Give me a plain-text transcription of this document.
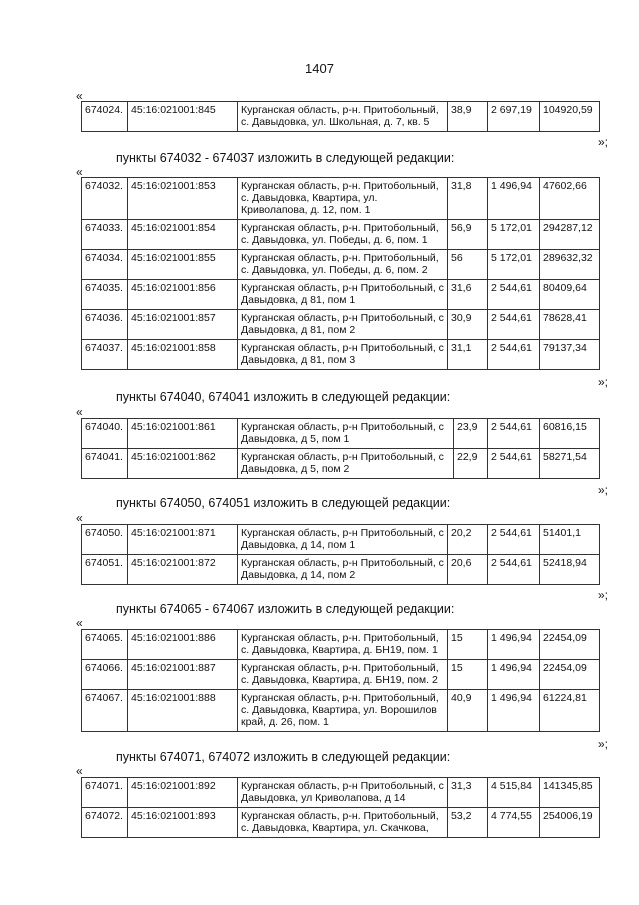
1407
«
674024.	45:16:021001:845	Курганская область, р-н. Притобольный, с. Давыдовка, ул. Школьная, д. 7, кв. 5	38,9	2 697,19	104920,59
»;
пункты 674032 - 674037 изложить в следующей редакции:
«
674032.	45:16:021001:853	Курганская область, р-н. Притобольный, с. Давыдовка, Квартира, ул. Криволапова, д. 12, пом. 1	31,8	1 496,94	47602,66
674033.	45:16:021001:854	Курганская область, р-н. Притобольный, с. Давыдовка, ул. Победы, д. 6, пом. 1	56,9	5 172,01	294287,12
674034.	45:16:021001:855	Курганская область, р-н. Притобольный, с. Давыдовка, ул. Победы, д. 6, пом. 2	56	5 172,01	289632,32
674035.	45:16:021001:856	Курганская область, р-н Притобольный, с Давыдовка, д 81, пом 1	31,6	2 544,61	80409,64
674036.	45:16:021001:857	Курганская область, р-н Притобольный, с Давыдовка, д 81, пом 2	30,9	2 544,61	78628,41
674037.	45:16:021001:858	Курганская область, р-н Притобольный, с Давыдовка, д 81, пом 3	31,1	2 544,61	79137,34
»;
пункты 674040, 674041 изложить в следующей редакции:
«
674040.	45:16:021001:861	Курганская область, р-н Притобольный, с Давыдовка, д 5, пом 1	23,9	2 544,61	60816,15
674041.	45:16:021001:862	Курганская область, р-н Притобольный, с Давыдовка, д 5, пом 2	22,9	2 544,61	58271,54
»;
пункты 674050, 674051 изложить в следующей редакции:
«
674050.	45:16:021001:871	Курганская область, р-н Притобольный, с Давыдовка, д 14, пом 1	20,2	2 544,61	51401,1
674051.	45:16:021001:872	Курганская область, р-н Притобольный, с Давыдовка, д 14, пом 2	20,6	2 544,61	52418,94
»;
пункты 674065 - 674067 изложить в следующей редакции:
«
674065.	45:16:021001:886	Курганская область, р-н. Притобольный, с. Давыдовка, Квартира, д. БН19, пом. 1	15	1 496,94	22454,09
674066.	45:16:021001:887	Курганская область, р-н. Притобольный, с. Давыдовка, Квартира, д. БН19, пом. 2	15	1 496,94	22454,09
674067.	45:16:021001:888	Курганская область, р-н. Притобольный, с. Давыдовка, Квартира, ул. Ворошилов край, д. 26, пом. 1	40,9	1 496,94	61224,81
»;
пункты 674071, 674072 изложить в следующей редакции:
«
674071.	45:16:021001:892	Курганская область, р-н Притобольный, с Давыдовка, ул Криволапова, д 14	31,3	4 515,84	141345,85
674072.	45:16:021001:893	Курганская область, р-н. Притобольный, с. Давыдовка, Квартира, ул. Скачкова,	53,2	4 774,55	254006,19
